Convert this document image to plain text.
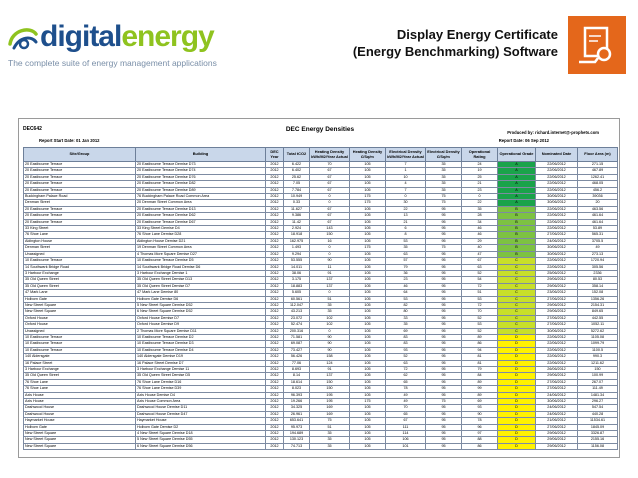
digitalenergy
The complete suite of energy management applications
Display Energy Certificate
(Energy Benchmarking) Software
DEC642	DEC Energy Densities	Produced by: richard.internet@-prophets.com
Report Start Date: 01 Jan 2012	Report Date: 06 Sep 2012
Site/Group	Building	DEC Year	Total tCO2	Heating Density kWh/M2/Year Actual	Heating Density £/Sq/m	Electrical Density kWh/M2/Year Actual	Electrical Density £/Sq/m	Operational Rating	Operational Grade	Nominated Date	Floor Area (m)
20 Eastbourne Terrace	20 Eastbourne Terrace Demise D73	2012	6.422	70	105	7	35	24	A	22/06/2012	271.15
20 Eastbourne Terrace	20 Eastbourne Terrace Demise D74	2012	6.402	67	105	1	35	19	A	22/06/2012	467.89
20 Eastbourne Terrace	20 Eastbourne Terrace Demise D76	2012	25.62	67	105	10	35	25	A	22/06/2012	1262.41
20 Eastbourne Terrace	20 Eastbourne Terrace Demise D82	2012	7.05	67	105	4	35	21	A	22/06/2012	468.05
20 Eastbourne Terrace	20 Eastbourne Terrace Demise D89	2012	7.784	67	105	7	35	23	A	22/06/2012	456.2
Buckingham Palace Road	76 Buckingham Palace Road Common Area	2012	10.949	0	175	0	75	0	A	30/06/2012	39036
Denman Street	20 Denman Street Common Area	2012	0.33	0	175	30	75	22	A	30/06/2012	20
20 Eastbourne Terrace	20 Eastbourne Terrace Demise D13	2012	11.627	67	105	22	95	35	B	22/06/2012	463.56
20 Eastbourne Terrace	20 Eastbourne Terrace Demise D62	2012	9.386	67	105	13	95	28	B	22/06/2012	461.64
20 Eastbourne Terrace	20 Eastbourne Terrace Demise D67	2012	11.42	67	105	21	95	34	B	22/06/2012	461.64
33 King Street	33 King Street Demise D4	2012	2.924	143	105	6	95	46	B	22/06/2012	53.89
76 Shoe Lane	76 Shoe Lane Demise D28	2012	18.918	150	105	8	95	46	B	27/06/2012	565.31
Aldington House	Aldington House Demise D21	2012	162.975	16	105	53	95	29	B	24/06/2012	3705.5
Denman Street	19 Denman Street Common Area	2012	1.493	0	175	35	75	40	B	30/06/2012	49
Unassigned	4 Thomas More Square Demise D27	2012	9.294	0	105	63	95	47	B	30/06/2012	273.13
10 Eastbourne Terrace	10 Eastbourne Terrace Demise D5	2012	53.555	90	105	57	95	67	C	22/06/2012	1720.94
14 Southwark Bridge Road	14 Southwark Bridge Road Demise D6	2012	14.011	11	105	79	95	63	C	22/06/2012	305.56
3 Harbour Exchange	3 Harbour Exchange Demise 1	2012	38.06	91	105	36	95	52	C	25/06/2012	2336
35 Old Queen Street	35 Old Queen Street Demise D13	2012	3.175	137	105	23	95	54	C	29/06/2012	80.53
35 Old Queen Street	35 Old Queen Street Demise D7	2012	18.883	137	105	46	95	72	C	29/06/2012	358.14
47 Mark Lane	47 Mark Lane Demise 80	2012	5.605	0	105	64	95	51	C	23/06/2012	152.08
Holborn Gate	Holborn Gate Demise D6	2012	60.561	51	105	53	95	53	C	27/06/2012	1356.26
New Street Square	5 New Street Square Demise D52	2012	112.047	35	105	82	95	72	C	29/06/2012	2154.31
New Street Square	6 New Street Square Demise D52	2012	43.213	35	105	80	95	70	C	29/06/2012	849.65
Oxford House	Oxford House Demise D7	2012	23.072	102	105	33	95	52	C	27/06/2012	442.55
Oxford House	Oxford House Demise D9	2012	52.474	102	105	35	95	53	C	27/06/2012	1052.11
Unassigned	2 Thomas More Square Demise D11	2012	200.316	0	105	69	95	52	C	30/06/2012	5272.62
10 Eastbourne Terrace	10 Eastbourne Terrace Demise D2	2012	71.581	90	105	83	95	89	D	22/06/2012	1105.08
10 Eastbourne Terrace	10 Eastbourne Terrace Demise D3	2012	69.087	90	105	83	95	86	D	22/06/2012	1099.79
10 Eastbourne Terrace	10 Eastbourne Terrace Demise D4	2012	73.427	90	105	93	95	94	D	22/06/2012	1100.5
140 Aldersgate	140 Aldersgate Demise D19	2012	56.426	158	105	52	95	81	D	22/06/2012	990.3
16 Palace Street	16 Palace Street Demise D7	2012	77.06	124	105	63	95	81	D	22/06/2012	1211.62
3 Harbour Exchange	3 Harbour Exchange Demise 11	2012	8.693	91	105	72	95	79	D	26/06/2012	150
35 Old Queen Street	35 Old Queen Street Demise D5	2012	8.14	137	105	62	95	84	D	29/06/2012	100.99
76 Shoe Lane	76 Shoe Lane Demise D16	2012	18.614	150	105	65	95	89	D	27/06/2012	267.07
76 Shoe Lane	76 Shoe Lane Demise D39	2012	8.023	150	105	78	95	99	D	27/06/2012	111.49
Axis House	Axis House Demise D4	2012	96.393	195	105	49	95	89	D	24/06/2012	1481.34
Axis House	Axis House Common Area	2012	19.266	195	175	49	75	69	D	30/06/2012	296.27
Dashwood House	Dashwood House Demise D11	2012	34.325	169	105	70	95	93	D	24/06/2012	547.54
Dashwood House	Dashwood House Demise D47	2012	26.961	169	105	65	95	90	D	24/06/2012	440.28
Haymarket House	Haymarket House	2012	653.641	75	105	67	95	78	D	21/06/2012	11534.61
Holborn Gate	Holborn Gate Demise D2	2012	95.973	51	105	111	95	96	D	27/06/2012	1845.09
New Street Square	4 New Street Square Demise D18	2012	194.689	35	105	114	95	97	D	29/06/2012	3326.87
New Street Square	5 New Street Square Demise D55	2012	130.123	35	105	106	95	88	D	29/06/2012	2155.16
New Street Square	6 New Street Square Demise D56	2012	74.713	35	105	101	95	86	D	29/06/2012	1156.08
